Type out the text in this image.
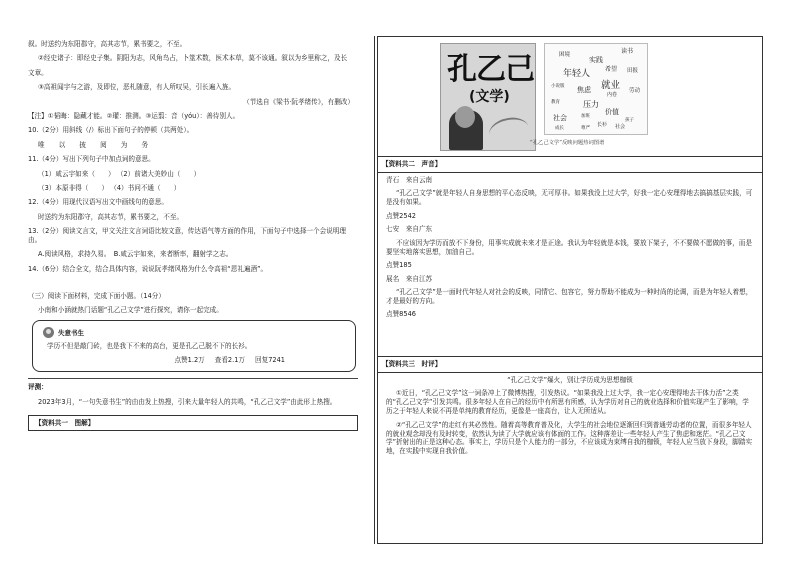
叙。时送约为东阳郡守，高其志节，累书要之，不至。

②经史诸子：即经史子集。阴阳为志，风角鸟占，卜筮术数，医术本草，莫不该通。叙以为乡里称之，及长

文章。

③高祖闻宇与之游，及即位，恶札随意，有人所叹吴，引长遍入旌。

（节选自《梁书·阮孝绪传》，有删改）

【注】①韬晦：隐藏才能。②瓘：推测。③运翦：音（yóu）：善待别人。

10.（2分）用斜线（/）标出下面句子的停顿（共两处）。

唯 以 披 阅 为 务

11.（4分）写出下列句子中加点词的意思。

（1）咸云宇如来（　　） （2）前诸大美妙山（　　）

（3）本原非得（　　） （4）书问不通（　　）

12.（4分）用现代汉语写出文中画线句的意思。

时送约为东阳郡守，高其志节，累书要之，不至。

13.（2分）阅读文言文，甲文关注文言词语比较文意，传达语气等方面的作用，下面句子中选择一个会说明理由。

A.阅读风格，求持久易。　B.咸云宇如来，来者断率，翻射学之志。

14.（6分）结合全文，结合具体内容，说说阮孝绪风格为什么令高祖“恩礼遍酒”。

（三）阅读下面材料，完成下面小题。（14分）

小南和小涵就热门话题“孔乙己文学”进行探究，请你一起完成。

失意书生
学历不但是敲门砖，也是我下不来的高台，更是孔乙己脱不下的长衫。
点赞1.2万 查看2.1万 回复7241

评测：

2023年3月，“一句失意书生”的由由发上热搜，引来大量年轻人的共鸣，“孔乙己文学”由此形上热搜。

【资料共一　图解】
孔乙己
(文学)
困境
实践
读书
年轻人 希望 田报
就业
小说版 焦虑
内卷
劳动
压力
社会
价值
教育
成长	尊严
长衫
加班
社会
孩子
“孔乙己文学”反映问题热词图谱
【资料共二　声音】

青石　来自云南

“孔乙己文学”就是年轻人自身思想的平心态反映，无可厚非。如果我没上过大学，好我一定心安理得地去搞搞基层实践，可是没有如果。

点赞2542

七安　来自广东

不应该因为学历而放不下身份，用事实成就未来才是正途。我认为年轻就是本钱，要放下架子，不不要做不愿做的事，而是要坚实地落实思想，加油自己。

点赞185

展名　来自江苏

“孔乙己文学”是一面时代年轻人对社会的反映，同情它、包容它，努力帮助不能成为一种时尚的论调，而是为年轻人着想，才是最好的方向。

点赞8546

【资料共三　时评】

“孔乙己文学”爆火，别让学历成为思想枷锁

①近日，“孔乙己文学”这一词条冲上了微博热搜，引发热议。“如果我没上过大学，我一定心安理得地去干体力活”之类的“孔乙己文学”引发共鸣。很多年轻人在自己的经历中有所思有所感，认为学历对自己的就业选择和价值实现产生了影响，学历之于年轻人来说不再是单纯的教育经历，更像是一座高台，让人无所适从。

②“孔乙己文学”的走红有其必然性。随着高等教育普及化，大学生的社会地位逐渐回归到普通劳动者的位置，而很多年轻人的就业观念却没有及时转变，依然认为读了大学就应该有体面的工作。这种落差让一些年轻人产生了焦虑和迷茫。“孔乙己文学”折射出的正是这种心态。事实上，学历只是个人能力的一部分，不应该成为束缚自我的枷锁，年轻人应当放下身段，脚踏实地，在实践中实现自我价值。
